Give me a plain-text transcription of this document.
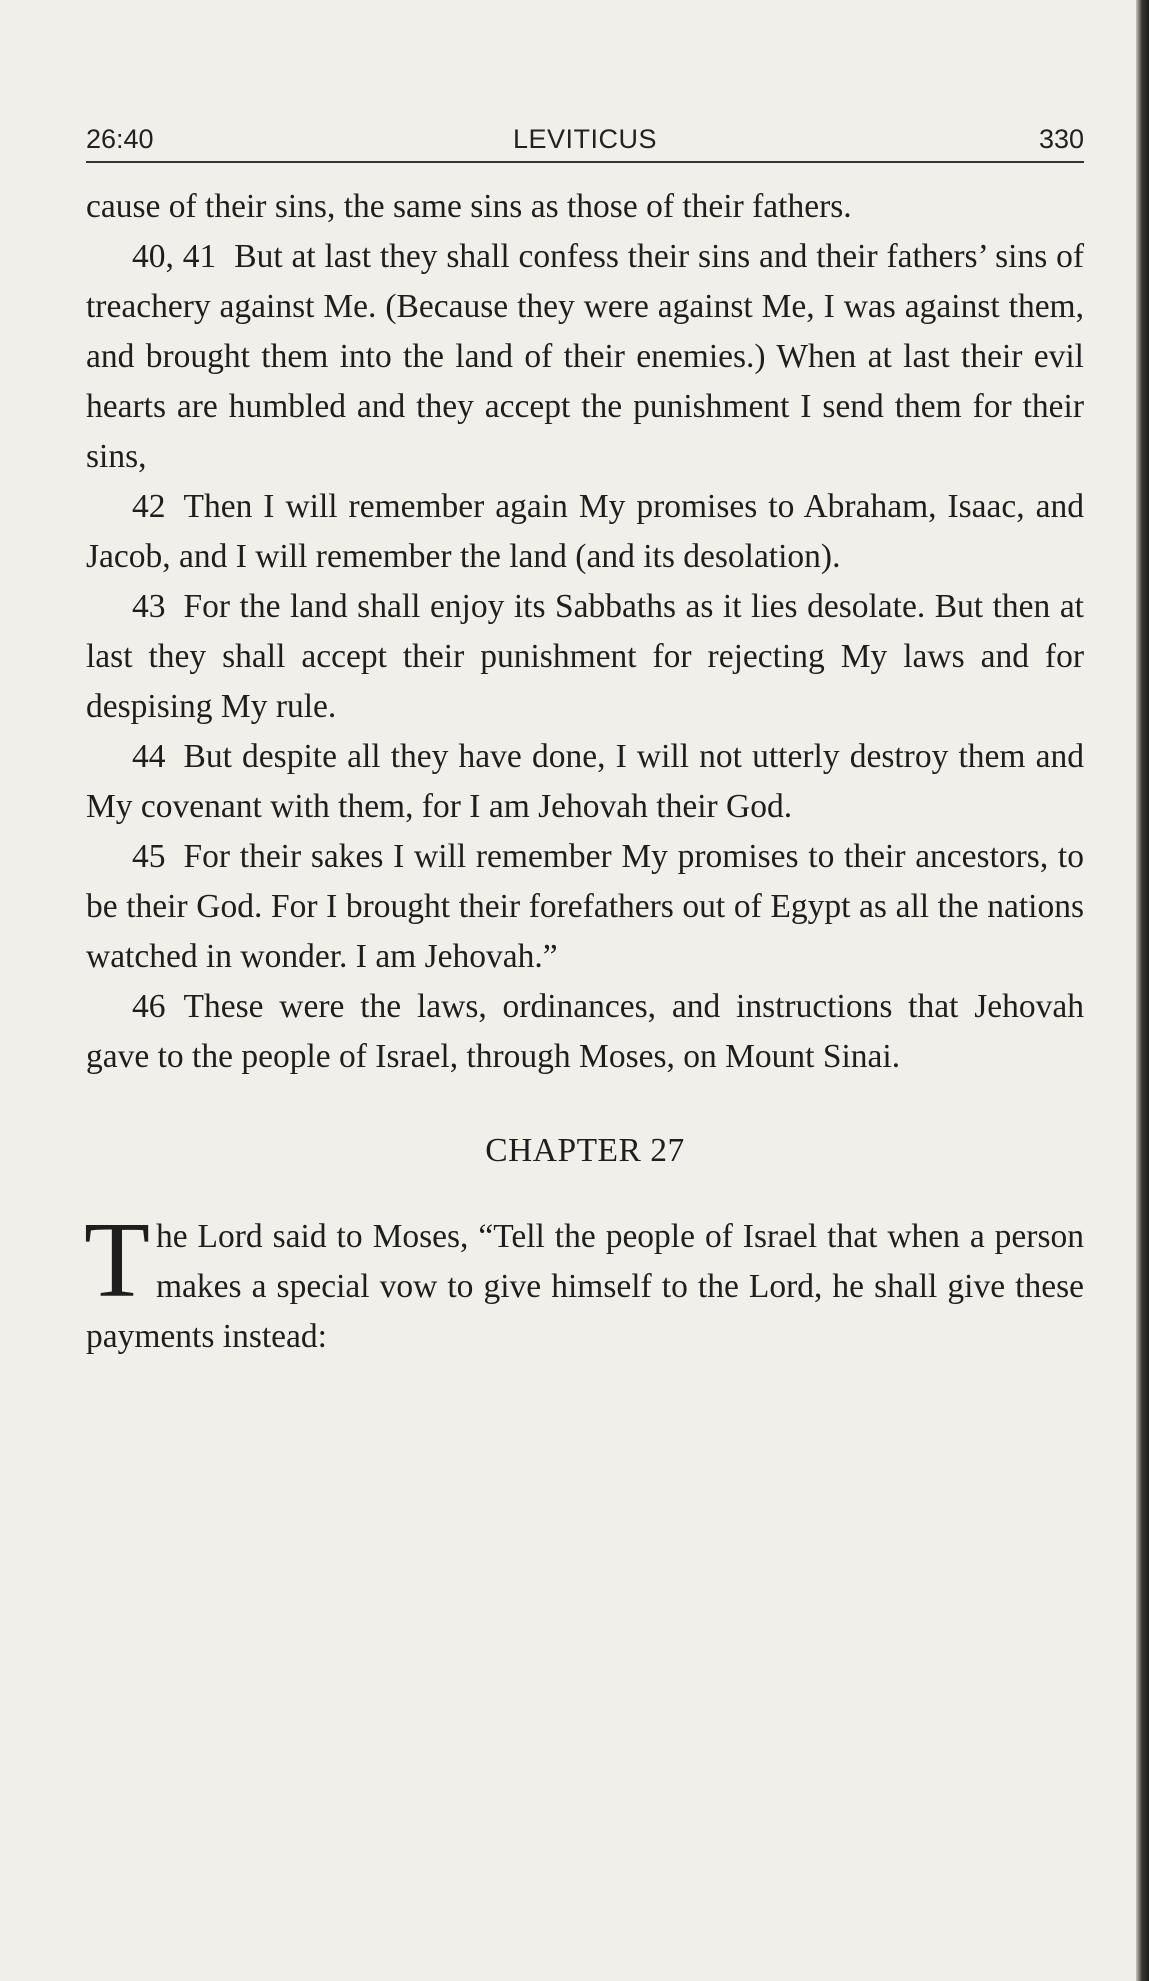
26:40	LEVITICUS	330

cause of their sins, the same sins as those of their fathers.

40, 41 But at last they shall confess their sins and their fathers’ sins of treachery against Me. (Because they were against Me, I was against them, and brought them into the land of their enemies.) When at last their evil hearts are humbled and they accept the punishment I send them for their sins,

42 Then I will remember again My promises to Abraham, Isaac, and Jacob, and I will remember the land (and its desolation).

43 For the land shall enjoy its Sabbaths as it lies desolate. But then at last they shall accept their punishment for rejecting My laws and for despising My rule.

44 But despite all they have done, I will not utterly destroy them and My covenant with them, for I am Jehovah their God.

45 For their sakes I will remember My promises to their ancestors, to be their God. For I brought their forefathers out of Egypt as all the nations watched in wonder. I am Jehovah.”

46 These were the laws, ordinances, and instructions that Jehovah gave to the people of Israel, through Moses, on Mount Sinai.

CHAPTER 27

The Lord said to Moses, “Tell the people of Israel that when a person makes a special vow to give himself to the Lord, he shall give these payments instead:
